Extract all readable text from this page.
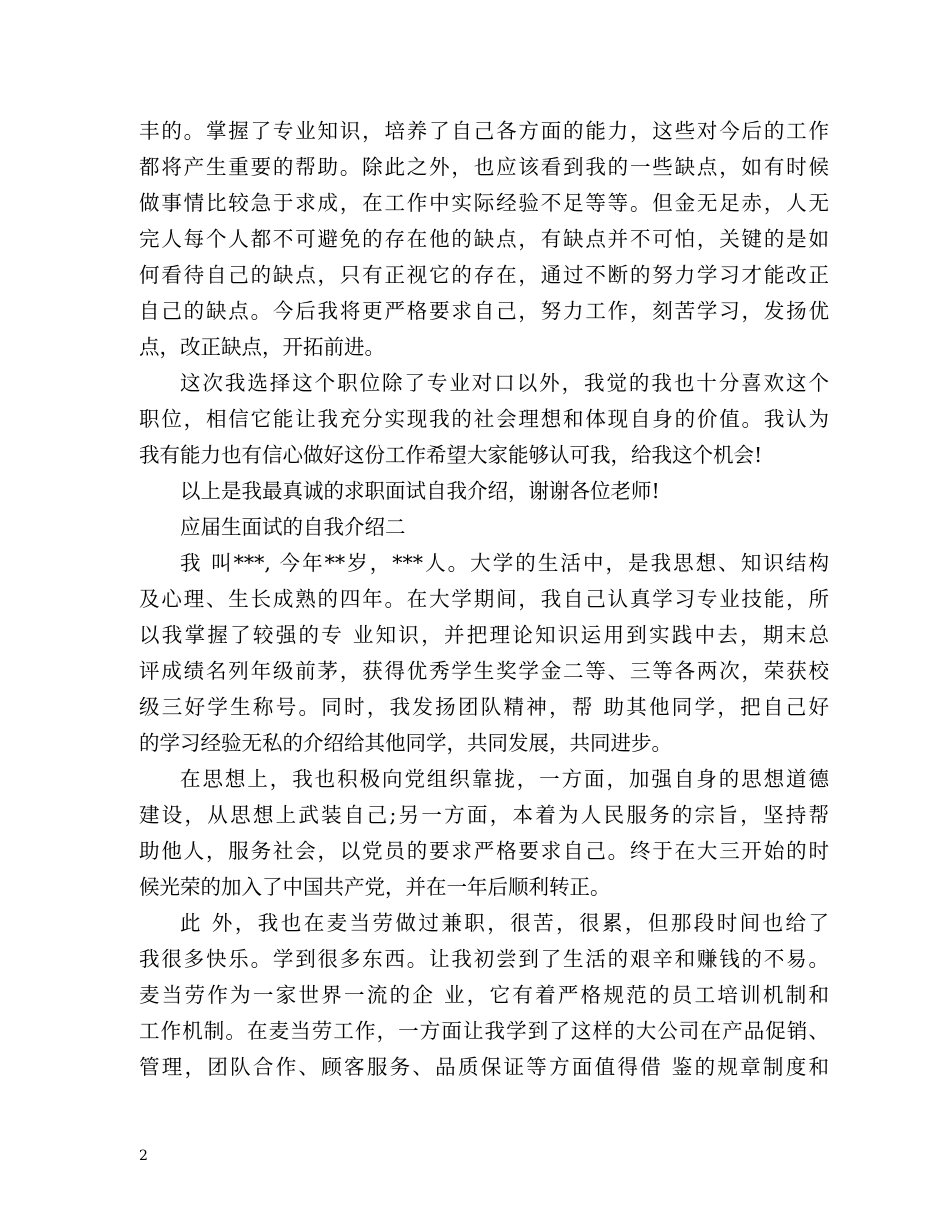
丰的。掌握了专业知识，培养了自己各方面的能力，这些对今后的工作
都将产生重要的帮助。除此之外，也应该看到我的一些缺点，如有时候
做事情比较急于求成，在工作中实际经验不足等等。但金无足赤，人无
完人每个人都不可避免的存在他的缺点，有缺点并不可怕，关键的是如
何看待自己的缺点，只有正视它的存在，通过不断的努力学习才能改正
自己的缺点。今后我将更严格要求自己，努力工作，刻苦学习，发扬优
点，改正缺点，开拓前进。
这次我选择这个职位除了专业对口以外，我觉的我也十分喜欢这个
职位，相信它能让我充分实现我的社会理想和体现自身的价值。我认为
我有能力也有信心做好这份工作希望大家能够认可我，给我这个机会!
以上是我最真诚的求职面试自我介绍，谢谢各位老师!
应届生面试的自我介绍二
我 叫***, 今年**岁，***人。大学的生活中，是我思想、知识结构
及心理、生长成熟的四年。在大学期间，我自己认真学习专业技能，所
以我掌握了较强的专 业知识，并把理论知识运用到实践中去，期末总
评成绩名列年级前茅，获得优秀学生奖学金二等、三等各两次，荣获校
级三好学生称号。同时，我发扬团队精神，帮 助其他同学，把自己好
的学习经验无私的介绍给其他同学，共同发展，共同进步。
在思想上，我也积极向党组织靠拢，一方面，加强自身的思想道德
建设，从思想上武装自己;另一方面，本着为人民服务的宗旨，坚持帮
助他人，服务社会，以党员的要求严格要求自己。终于在大三开始的时
候光荣的加入了中国共产党，并在一年后顺利转正。
此 外，我也在麦当劳做过兼职，很苦，很累，但那段时间也给了
我很多快乐。学到很多东西。让我初尝到了生活的艰辛和赚钱的不易。
麦当劳作为一家世界一流的企 业，它有着严格规范的员工培训机制和
工作机制。在麦当劳工作，一方面让我学到了这样的大公司在产品促销、
管理，团队合作、顾客服务、品质保证等方面值得借 鉴的规章制度和
2
